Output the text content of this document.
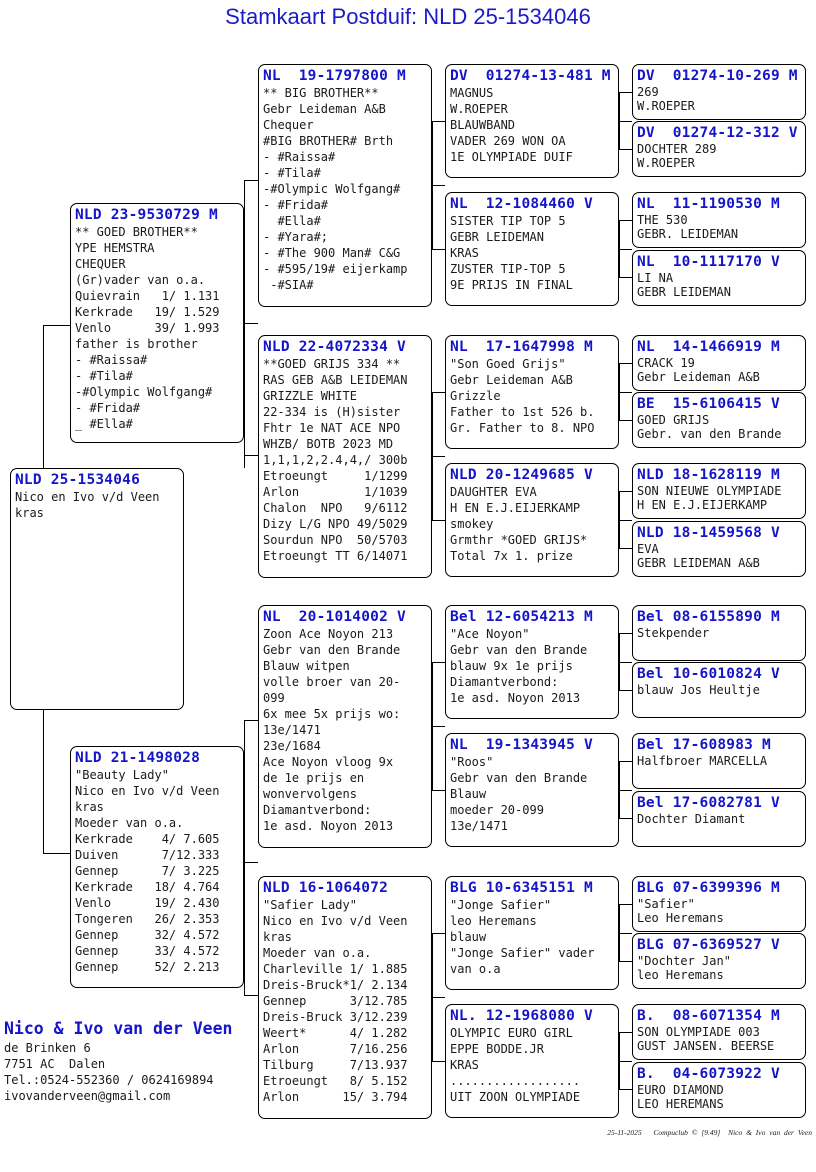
Stamkaart Postduif: NLD 25-1534046
NLD 25-1534046
Nico en Ivo v/d Veen
kras
NLD 23-9530729 M
** GOED BROTHER**
YPE HEMSTRA
CHEQUER
(Gr)vader van o.a.
Quievrain   1/ 1.131
Kerkrade   19/ 1.529
Venlo      39/ 1.993
father is brother
- #Raissa#
- #Tila#
-#Olympic Wolfgang#
- #Frida#
_ #Ella#
NLD 21-1498028
"Beauty Lady"
Nico en Ivo v/d Veen
kras
Moeder van o.a.
Kerkrade    4/ 7.605
Duiven      7/12.333
Gennep      7/ 3.225
Kerkrade   18/ 4.764
Venlo      19/ 2.430
Tongeren   26/ 2.353
Gennep     32/ 4.572
Gennep     33/ 4.572
Gennep     52/ 2.213
NL  19-1797800 M
** BIG BROTHER**
Gebr Leideman A&B
Chequer
#BIG BROTHER# Brth
- #Raissa#
- #Tila#
-#Olympic Wolfgang#
- #Frida#
#Ella#
- #Yara#;
- #The 900 Man# C&G
- #595/19# eijerkamp
-#SIA#
NLD 22-4072334 V
**GOED GRIJS 334 **
RAS GEB A&B LEIDEMAN
GRIZZLE WHITE
22-334 is (H)sister
Fhtr 1e NAT ACE NPO
WHZB/ BOTB 2023 MD
1,1,1,2,2.4,4,/ 300b
Etroeungt     1/1299
Arlon         1/1039
Chalon  NPO   9/6112
Dizy L/G NPO 49/5029
Sourdun NPO  50/5703
Etroeungt TT 6/14071
NL  20-1014002 V
Zoon Ace Noyon 213
Gebr van den Brande
Blauw witpen
volle broer van 20-
099
6x mee 5x prijs wo:
13e/1471
23e/1684
Ace Noyon vloog 9x
de 1e prijs en
wonvervolgens
Diamantverbond:
1e asd. Noyon 2013
NLD 16-1064072
"Safier Lady"
Nico en Ivo v/d Veen
kras
Moeder van o.a.
Charleville 1/ 1.885
Dreis-Bruck*1/ 2.134
Gennep      3/12.785
Dreis-Bruck 3/12.239
Weert*      4/ 1.282
Arlon       7/16.256
Tilburg     7/13.937
Etroeungt   8/ 5.152
Arlon      15/ 3.794
DV  01274-13-481 M
MAGNUS
W.ROEPER
BLAUWBAND
VADER 269 WON OA
1E OLYMPIADE DUIF
NL  12-1084460 V
SISTER TIP TOP 5
GEBR LEIDEMAN
KRAS
ZUSTER TIP-TOP 5
9E PRIJS IN FINAL
NL  17-1647998 M
"Son Goed Grijs"
Gebr Leideman A&B
Grizzle
Father to 1st 526 b.
Gr. Father to 8. NPO
NLD 20-1249685 V
DAUGHTER EVA
H EN E.J.EIJERKAMP
smokey
Grmthr *GOED GRIJS*
Total 7x 1. prize
Bel 12-6054213 M
"Ace Noyon"
Gebr van den Brande
blauw 9x 1e prijs
Diamantverbond:
1e asd. Noyon 2013
NL  19-1343945 V
"Roos"
Gebr van den Brande
Blauw
moeder 20-099
13e/1471
BLG 10-6345151 M
"Jonge Safier"
leo Heremans
blauw
"Jonge Safier" vader
van o.a
NL. 12-1968080 V
OLYMPIC EURO GIRL
EPPE BODDE.JR
KRAS
..................
UIT ZOON OLYMPIADE
DV  01274-10-269 M
269
W.ROEPER
DV  01274-12-312 V
DOCHTER 289
W.ROEPER
NL  11-1190530 M
THE 530
GEBR. LEIDEMAN
NL  10-1117170 V
LI NA
GEBR LEIDEMAN
NL  14-1466919 M
CRACK 19
Gebr Leideman A&B
BE  15-6106415 V
GOED GRIJS
Gebr. van den Brande
NLD 18-1628119 M
SON NIEUWE OLYMPIADE
H EN E.J.EIJERKAMP
NLD 18-1459568 V
EVA
GEBR LEIDEMAN A&B
Bel 08-6155890 M
Stekpender
Bel 10-6010824 V
blauw Jos Heultje
Bel 17-608983 M
Halfbroer MARCELLA
Bel 17-6082781 V
Dochter Diamant
BLG 07-6399396 M
"Safier"
Leo Heremans
BLG 07-6369527 V
"Dochter Jan"
leo Heremans
B.  08-6071354 M
SON OLYMPIADE 003
GUST JANSEN. BEERSE
B.  04-6073922 V
EURO DIAMOND
LEO HEREMANS
Nico & Ivo van der Veen
de Brinken 6
7751 AC  Dalen
Tel.:0524-552360 / 0624169894
ivovanderveen@gmail.com
25-11-2025 Compuclub © [9.49] Nico & Ivo van der Veen
